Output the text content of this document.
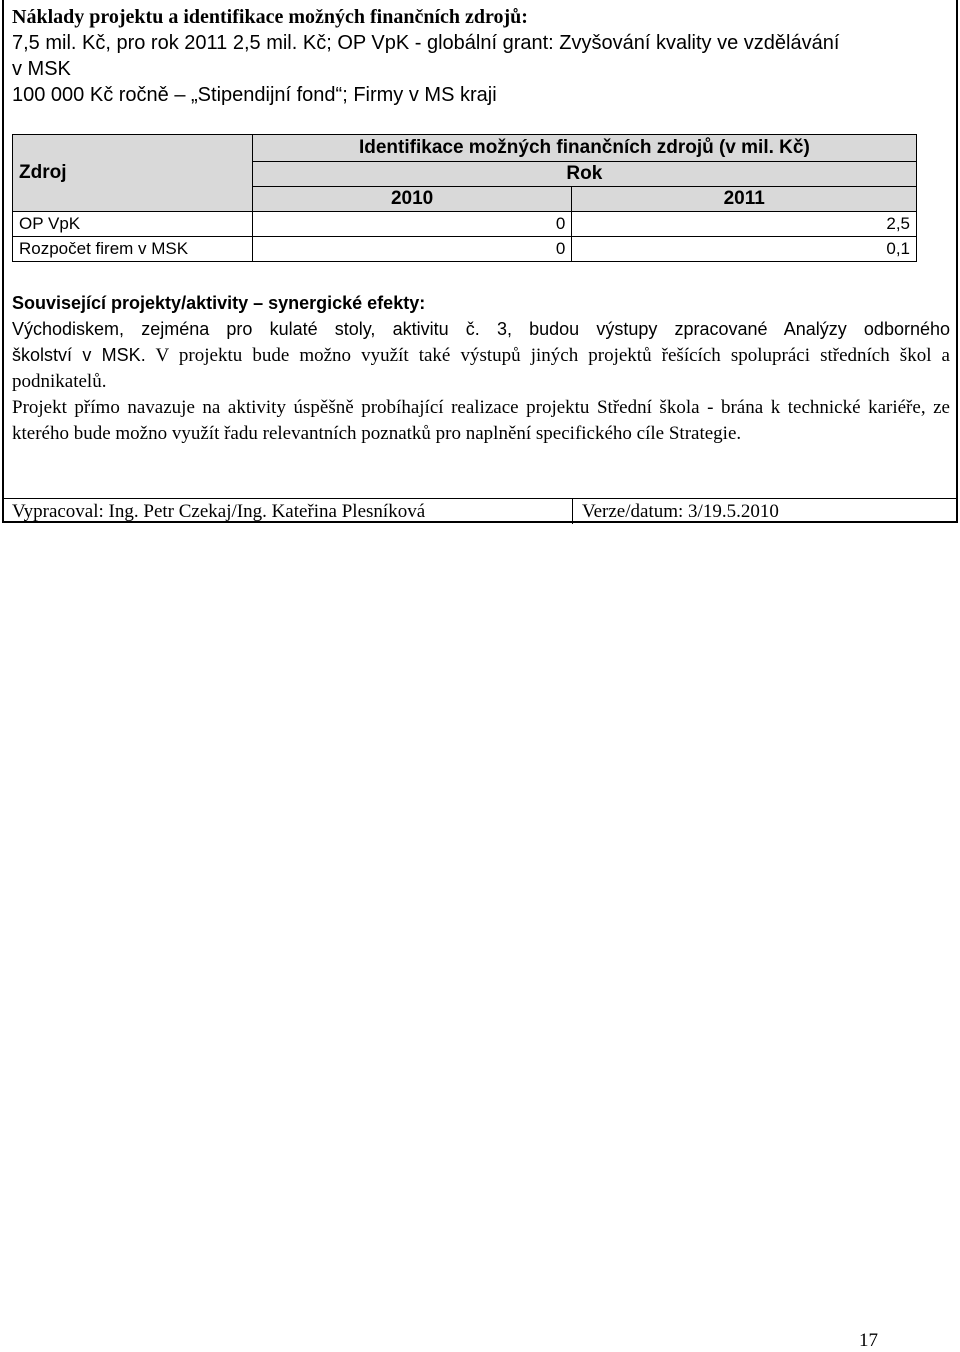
Náklady projektu a identifikace možných finančních zdrojů:
7,5 mil. Kč, pro rok 2011 2,5 mil. Kč; OP VpK - globální grant: Zvyšování kvality ve vzdělávání
v MSK
100 000 Kč ročně – „Stipendijní fond“; Firmy v MS kraji
Zdroj	Identifikace možných finančních zdrojů (v mil. Kč)	
	Rok	
	2010	2011
OP VpK	0	2,5
Rozpočet firem v MSK	0	0,1
Související projekty/aktivity – synergické efekty:

Východiskem, zejména pro kulaté stoly, aktivitu č. 3, budou výstupy zpracované Analýzy odborného

školství v MSK. V projektu bude možno využít také výstupů jiných projektů řešících spolupráci středních škol a podnikatelů.

Projekt přímo navazuje na aktivity úspěšně probíhající realizace projektu Střední škola - brána k technické kariéře, ze kterého bude možno využít řadu relevantních poznatků pro naplnění specifického cíle Strategie.

Vypracoval: Ing. Petr Czekaj/Ing. Kateřina Plesníková	Verze/datum: 3/19.5.2010
17
